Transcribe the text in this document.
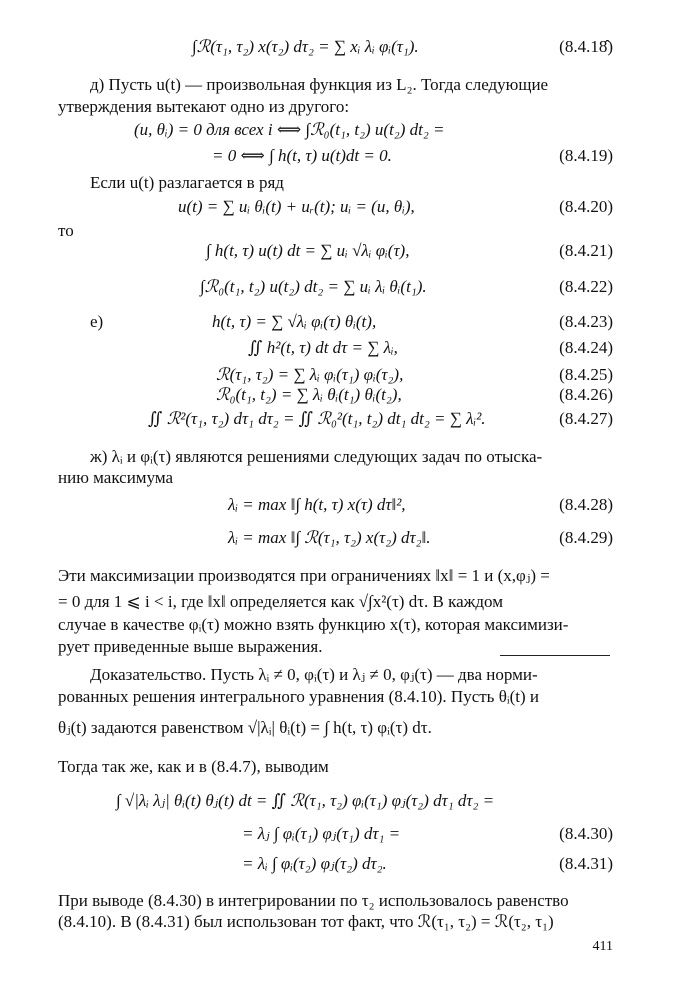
∫ℛ(τ₁, τ₂) x(τ₂) dτ₂ = ∑ xᵢ λᵢ φᵢ(τ₁).	(8.4.18̂)
д) Пусть u(t) — произвольная функция из L₂. Тогда следующие
утверждения вытекают одно из другого:
(u, θᵢ) = 0 для всех i ⟺ ∫ℛ₀(t₁, t₂) u(t₂) dt₂ =
= 0 ⟺ ∫ h(t, τ) u(t)dt = 0.	(8.4.19)
Если u(t) разлагается в ряд
u(t) = ∑ uᵢ θᵢ(t) + uᵣ(t); uᵢ = (u, θᵢ),	(8.4.20)
то
∫ h(t, τ) u(t) dt = ∑ uᵢ √λᵢ φᵢ(τ),	(8.4.21)
∫ℛ₀(t₁, t₂) u(t₂) dt₂ = ∑ uᵢ λᵢ θᵢ(t₁).	(8.4.22)
е)	h(t, τ) = ∑ √λᵢ φᵢ(τ) θᵢ(t),	(8.4.23)
∬ h²(t, τ) dt dτ = ∑ λᵢ,	(8.4.24)
ℛ(τ₁, τ₂) = ∑ λᵢ φᵢ(τ₁) φᵢ(τ₂),	(8.4.25)
ℛ₀(t₁, t₂) = ∑ λᵢ θᵢ(t₁) θᵢ(t₂),	(8.4.26)
∬ ℛ²(τ₁, τ₂) dτ₁ dτ₂ = ∬ ℛ₀²(t₁, t₂) dt₁ dt₂ = ∑ λᵢ².	(8.4.27)
ж) λᵢ и φᵢ(τ) являются решениями следующих задач по отыска-
нию максимума
λᵢ = max ‖∫ h(t, τ) x(τ) dτ‖²,	(8.4.28)
λᵢ = max ‖∫ ℛ(τ₁, τ₂) x(τ₂) dτ₂‖.	(8.4.29)
Эти максимизации производятся при ограничениях ‖x‖ = 1 и (x,φⱼ) =
= 0 для 1 ⩽ i < i, где ‖x‖ определяется как √∫x²(τ) dτ. В каждом
случае в качестве φᵢ(τ) можно взять функцию x(τ), которая максимизи-
рует приведенные выше выражения.
Доказательство. Пусть λᵢ ≠ 0, φᵢ(τ) и λⱼ ≠ 0, φⱼ(τ) — два норми-
рованных решения интегрального уравнения (8.4.10). Пусть θᵢ(t) и
θⱼ(t) задаются равенством √|λᵢ| θᵢ(t) = ∫ h(t, τ) φᵢ(τ) dτ.
Тогда так же, как и в (8.4.7), выводим
∫ √|λᵢ λⱼ| θᵢ(t) θⱼ(t) dt = ∬ ℛ(τ₁, τ₂) φᵢ(τ₁) φⱼ(τ₂) dτ₁ dτ₂ =
= λⱼ ∫ φᵢ(τ₁) φⱼ(τ₁) dτ₁ =	(8.4.30)
= λᵢ ∫ φᵢ(τ₂) φⱼ(τ₂) dτ₂.	(8.4.31)
При выводе (8.4.30) в интегрировании по τ₂ использовалось равенство
(8.4.10). В (8.4.31) был использован тот факт, что ℛ(τ₁, τ₂) = ℛ(τ₂, τ₁)
411
